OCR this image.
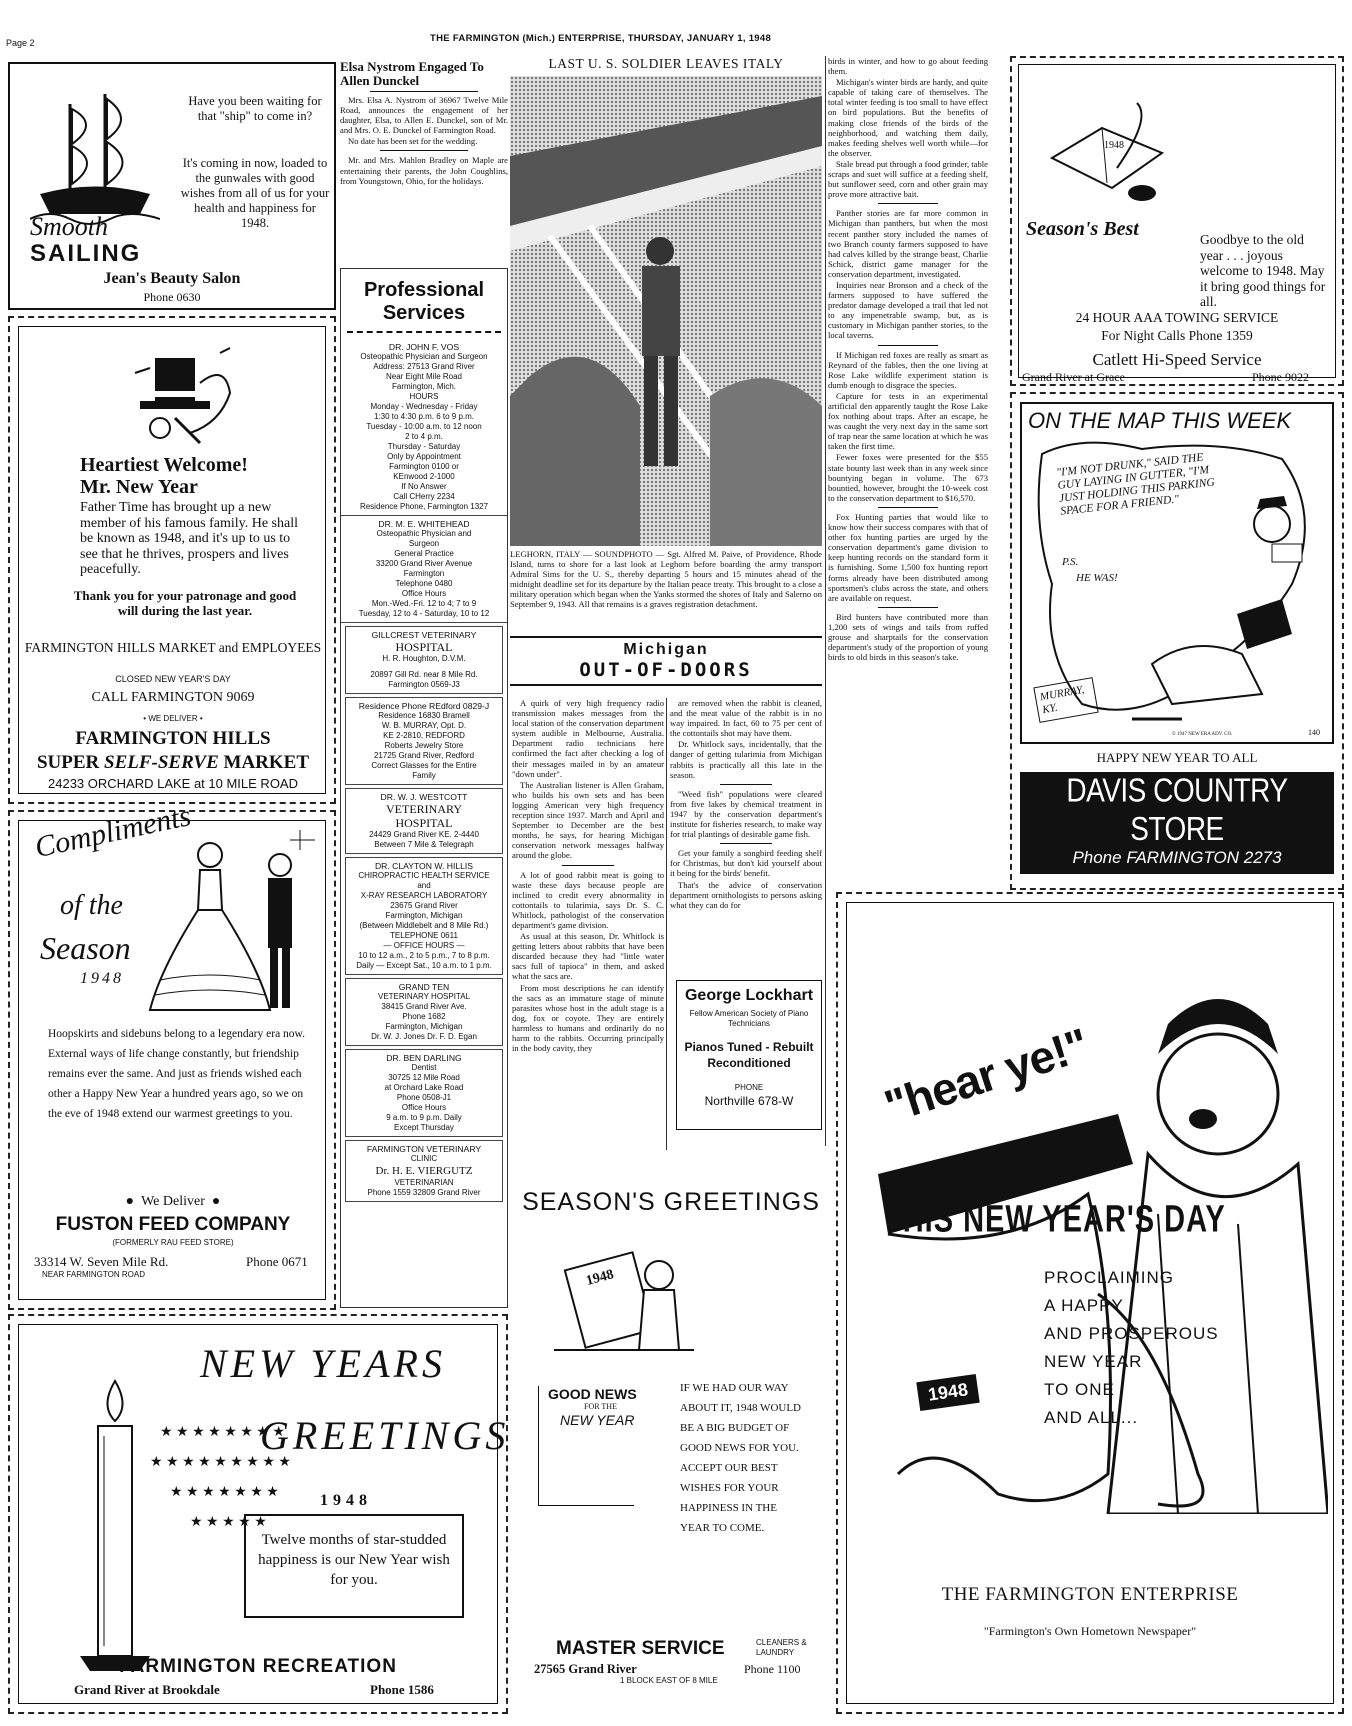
Page 2	THE FARMINGTON (Mich.) ENTERPRISE, THURSDAY, JANUARY 1, 1948
Smooth
SAILING
Have you been waiting for that "ship" to come in?
It's coming in now, loaded to the gunwales with good wishes from all of us for your health and happiness for 1948.
Jean's Beauty Salon
Phone 0630
Heartiest Welcome!
Mr. New Year
Father Time has brought up a new member of his famous family. He shall be known as 1948, and it's up to us to see that he thrives, prospers and lives peacefully.
Thank you for your patronage and good will during the last year.
FARMINGTON HILLS MARKET and EMPLOYEES
CLOSED NEW YEAR'S DAY
CALL FARMINGTON 9069
• WE DELIVER •
FARMINGTON HILLS
SUPER SELF-SERVE MARKET
24233 ORCHARD LAKE at 10 MILE ROAD
Compliments
of the
Season
1948
Hoopskirts and sidebuns belong to a legendary era now. External ways of life change constantly, but friendship remains ever the same. And just as friends wished each other a Happy New Year a hundred years ago, so we on the eve of 1948 extend our warmest greetings to you.
●  We Deliver  ●
FUSTON FEED COMPANY
(FORMERLY RAU FEED STORE)
33314 W. Seven Mile Rd.
NEAR FARMINGTON ROAD
Phone 0671
★ ★ ★ ★ ★ ★ ★ ★
★ ★ ★ ★ ★ ★ ★ ★ ★
★ ★ ★ ★ ★ ★ ★
★ ★ ★ ★ ★
NEW YEARS
GREETINGS
1948
Twelve months of star-studded happiness is our New Year wish for you.
FARMINGTON RECREATION
Grand River at Brookdale	Phone 1586
Elsa Nystrom Engaged To Allen Dunckel

Mrs. Elsa A. Nystrom of 36967 Twelve Mile Road, announces the engagement of her daughter, Elsa, to Allen E. Dunckel, son of Mr. and Mrs. O. E. Dunckel of Farmington Road.

No date has been set for the wedding.

Mr. and Mrs. Mahlon Bradley on Maple are entertaining their parents, the John Coughlins, from Youngstown, Ohio, for the holidays.

Professional
Services
DR. JOHN F. VOS
Osteopathic Physician and Surgeon
Address: 27513 Grand River
Near Eight Mile Road
Farmington, Mich.
HOURS
Monday - Wednesday - Friday
1:30 to 4:30 p.m. 6 to 9 p.m.
Tuesday - 10:00 a.m. to 12 noon
2 to 4 p.m.
Thursday - Saturday
Only by Appointment
Farmington 0100 or
KEnwood 2-1000
If No Answer
Call CHerry 2234
Residence Phone, Farmington 1327
DR. M. E. WHITEHEAD
Osteopathic Physician and
Surgeon
General Practice
33200 Grand River Avenue
Farmington
Telephone 0480
Office Hours
Mon.-Wed.-Fri. 12 to 4; 7 to 9
Tuesday, 12 to 4 - Saturday, 10 to 12
GILLCREST VETERINARY
HOSPITAL
H. R. Houghton, D.V.M.
20897 Gill Rd. near 8 Mile Rd.
Farmington 0569-J3
Residence Phone REdford 0829-J
Residence 16830 Bramell
W. B. MURRAY, Opt. D.
KE 2-2810, REDFORD
Roberts Jewelry Store
21725 Grand River, Redford
Correct Glasses for the Entire
Family
DR. W. J. WESTCOTT
VETERINARY
HOSPITAL
24429 Grand River KE. 2-4440
Between 7 Mile & Telegraph
DR. CLAYTON W. HILLIS
CHIROPRACTIC HEALTH SERVICE
and
X-RAY RESEARCH LABORATORY
23675 Grand River
Farmington, Michigan
(Between Middlebelt and 8 Mile Rd.)
TELEPHONE 0611
— OFFICE HOURS —
10 to 12 a.m., 2 to 5 p.m., 7 to 8 p.m.
Daily — Except Sat., 10 a.m. to 1 p.m.
GRAND TEN
VETERINARY HOSPITAL
38415 Grand River Ave.
Phone 1682
Farmington, Michigan
Dr. W. J. Jones Dr. F. D. Egan
DR. BEN DARLING
Dentist
30725 12 Mile Road
at Orchard Lake Road
Phone 0508-J1
Office Hours
9 a.m. to 9 p.m. Daily
Except Thursday
FARMINGTON VETERINARY
CLINIC
Dr. H. E. VIERGUTZ
VETERINARIAN
Phone 1559 32809 Grand River
LAST U. S. SOLDIER LEAVES ITALY
LEGHORN, ITALY — SOUNDPHOTO — Sgt. Alfred M. Paive, of Providence, Rhode Island, turns to shore for a last look at Leghorn before boarding the army transport Admiral Sims for the U. S., thereby departing 5 hours and 15 minutes ahead of the midnight deadline set for its departure by the Italian peace treaty. This brought to a close a military operation which began when the Yanks stormed the shores of Italy and Salerno on September 9, 1943. All that remains is a graves registration detachment.
Michigan
OUT-OF-DOORS

A quirk of very high frequency radio transmission makes messages from the local station of the conservation department system audible in Melbourne, Australia. Department radio technicians here confirmed the fact after checking a log of their messages mailed in by an amateur "down under".

The Australian listener is Allen Graham, who builds his own sets and has been logging American very high frequency reception since 1937. March and April and September to December are the best months, he says, for hearing Michigan conservation network messages halfway around the globe.

A lot of good rabbit meat is going to waste these days because people are inclined to credit every abnormality in cottontails to tularimia, says Dr. S. C. Whitlock, pathologist of the conservation department's game division.

As usual at this season, Dr. Whitlock is getting letters about rabbits that have been discarded because they had "little water sacs full of tapioca" in them, and asked what the sacs are.

From most descriptions he can identify the sacs as an immature stage of minute parasites whose host in the adult stage is a dog, fox or coyote. They are entirely harmless to humans and ordinarily do no harm to the rabbits. Occurring principally in the body cavity, they

are removed when the rabbit is cleaned, and the meat value of the rabbit is in no way impaired. In fact, 60 to 75 per cent of the cottontails shot may have them.

Dr. Whitlock says, incidentally, that the danger of getting tularimia from Michigan rabbits is practically all this late in the season.

"Weed fish" populations were cleared from five lakes by chemical treatment in 1947 by the conservation department's institute for fisheries research, to make way for trial plantings of desirable game fish.

Get your family a songbird feeding shelf for Christmas, but don't kid yourself about it being for the birds' benefit.

That's the advice of conservation department ornithologists to persons asking what they can do for

George Lockhart
Fellow American Society of Piano Technicians
Pianos Tuned - Rebuilt Reconditioned
PHONE
Northville 678-W
SEASON'S GREETINGS
1948
GOOD NEWS
FOR THE
NEW YEAR
IF WE HAD OUR WAY ABOUT IT, 1948 WOULD BE A BIG BUDGET OF GOOD NEWS FOR YOU. ACCEPT OUR BEST WISHES FOR YOUR HAPPINESS IN THE YEAR TO COME.
MASTER SERVICE	CLEANERS & LAUNDRY
27565 Grand River	Phone 1100
1 BLOCK EAST OF 8 MILE

birds in winter, and how to go about feeding them.

Michigan's winter birds are hardy, and quite capable of taking care of themselves. The total winter feeding is too small to have effect on bird populations. But the benefits of making close friends of the birds of the neighborhood, and watching them daily, makes feeding shelves well worth while—for the observer.

Stale bread put through a food grinder, table scraps and suet will suffice at a feeding shelf, but sunflower seed, corn and other grain may prove more attractive bait.

Panther stories are far more common in Michigan than panthers, but when the most recent panther story included the names of two Branch county farmers supposed to have had calves killed by the strange beast, Charlie Schick, district game manager for the conservation department, investigated.

Inquiries near Bronson and a check of the farmers supposed to have suffered the predator damage developed a trail that led not to any impenetrable swamp, but, as is customary in Michigan panther stories, to the local taverns.

If Michigan red foxes are really as smart as Reynard of the fables, then the one living at Rose Lake wildlife experiment station is dumb enough to disgrace the species.

Capture for tests in an experimental artificial den apparently taught the Rose Lake fox nothing about traps. After an escape, he was caught the very next day in the same sort of trap near the same location at which he was taken the first time.

Fewer foxes were presented for the $55 state bounty last week than in any week since bountying began in volume. The 673 bountied, however, brought the 10-week cost to the conservation department to $16,570.

Fox Hunting parties that would like to know how their success compares with that of other fox hunting parties are urged by the conservation department's game division to keep hunting records on the standard form it is furnishing. Some 1,500 fox hunting report forms already have been distributed among sportsmen's clubs across the state, and others are available on request.

Bird hunters have contributed more than 1,200 sets of wings and tails from ruffed grouse and sharptails for the conservation department's study of the proportion of young birds to old birds in this season's take.

1948
Season's Best	Goodbye to the old year . . . joyous welcome to 1948. May it bring good things for all.
24 HOUR AAA TOWING SERVICE
For Night Calls Phone 1359
Catlett Hi-Speed Service
Grand River at Grace	Phone 9022
ON THE MAP THIS WEEK
"I'M NOT DRUNK," SAID THE GUY LAYING IN GUTTER, "I'M JUST HOLDING THIS PARKING SPACE FOR A FRIEND."
P.S.
HE WAS!
MURRAY,
KY.
© 1947 NEW ERA ADV. CO.	140
HAPPY NEW YEAR TO ALL
DAVIS COUNTRY STORE
Phone FARMINGTON 2273
20330 SO. FARMINGTON RD.
"hear ye!"
THIS NEW YEAR'S DAY
1948
PROCLAIMING
A HAPPY
AND PROSPEROUS
NEW YEAR
TO ONE
AND ALL...
THE FARMINGTON ENTERPRISE
"Farmington's Own Hometown Newspaper"
